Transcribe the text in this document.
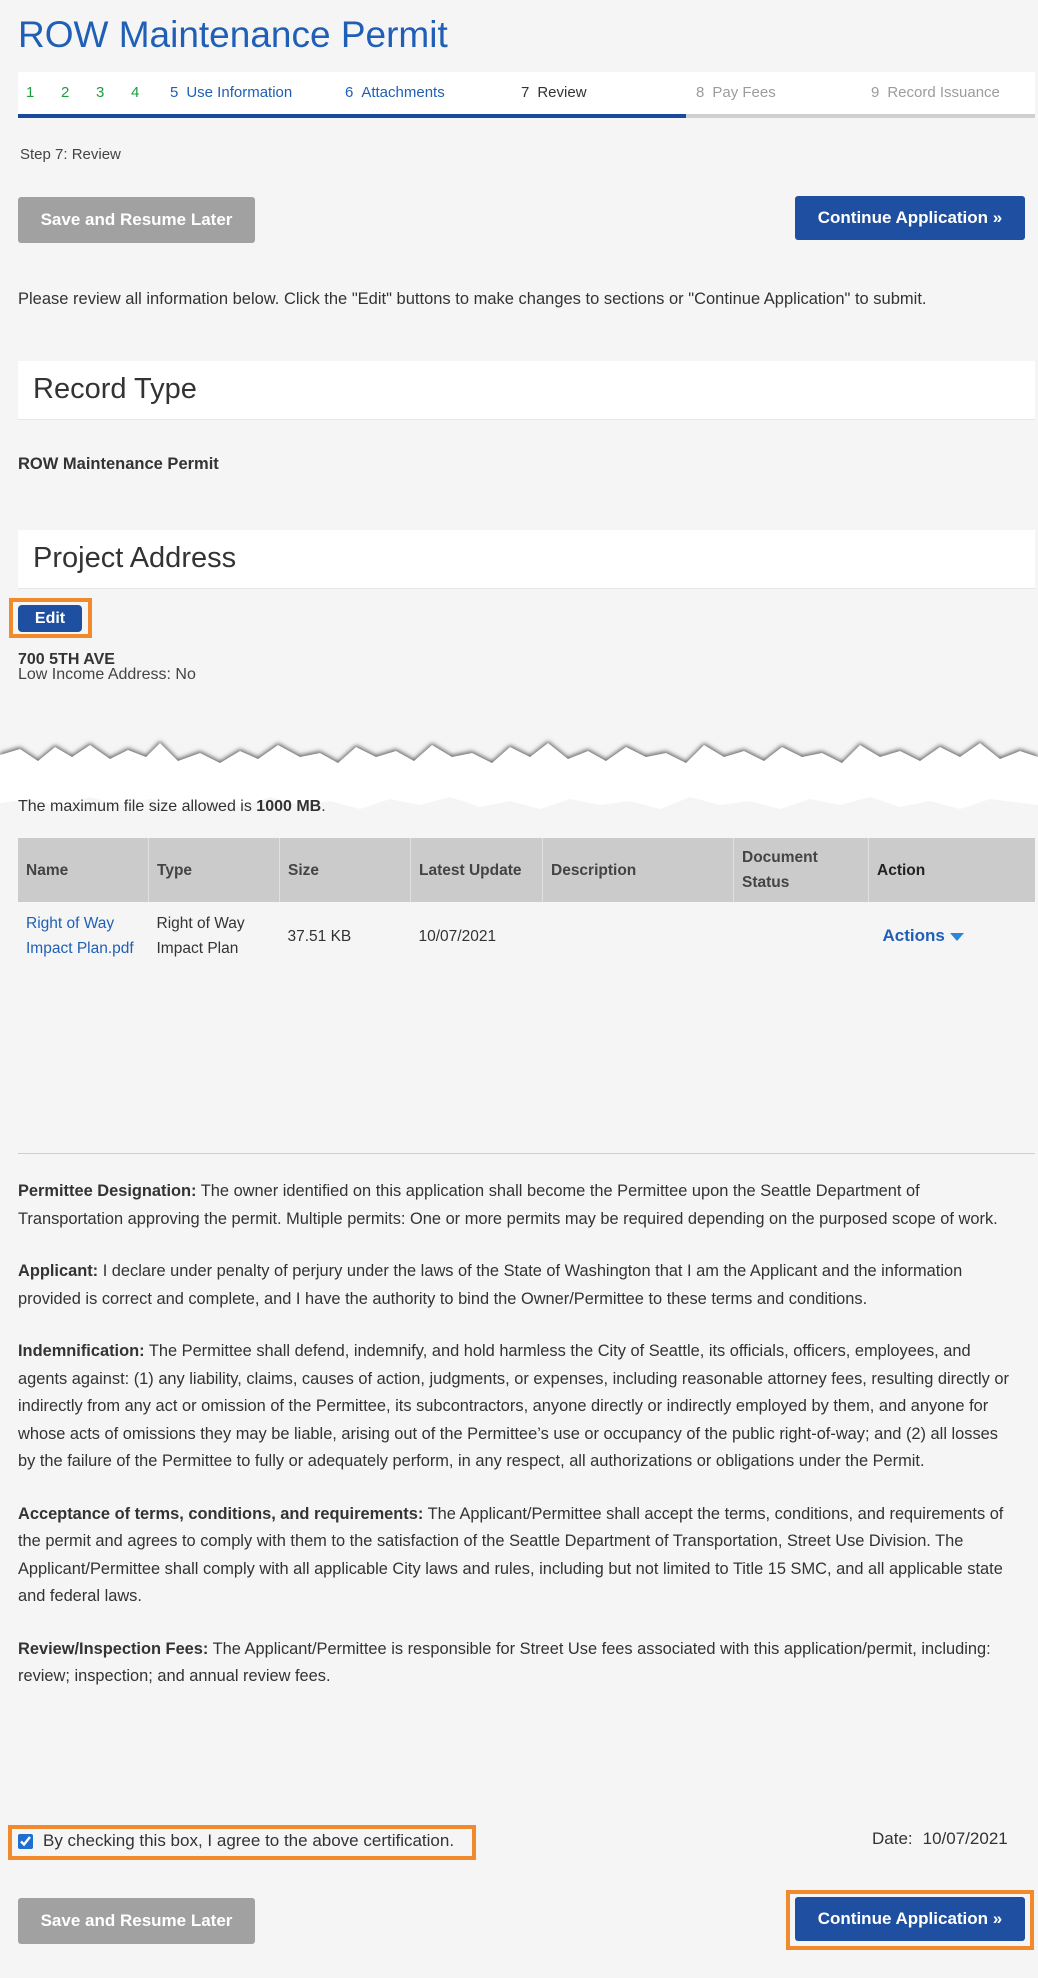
ROW Maintenance Permit
1	2	3	4	5 Use Information	6 Attachments	7 Review	8 Pay Fees	9 Record Issuance
Step 7: Review
Save and Resume Later	Continue Application »
Please review all information below. Click the "Edit" buttons to make changes to sections or "Continue Application" to submit.
Record Type
ROW Maintenance Permit
Project Address
Edit
700 5TH AVE
Low Income Address: No
The maximum file size allowed is 1000 MB.
Name	Type	Size	Latest Update	Description	Document Status	Action
Right of Way Impact Plan.pdf	Right of Way Impact Plan	37.51 KB	10/07/2021			Actions

Permittee Designation: The owner identified on this application shall become the Permittee upon the Seattle Department of Transportation approving the permit. Multiple permits: One or more permits may be required depending on the purposed scope of work.

Applicant: I declare under penalty of perjury under the laws of the State of Washington that I am the Applicant and the information provided is correct and complete, and I have the authority to bind the Owner/Permittee to these terms and conditions.

Indemnification: The Permittee shall defend, indemnify, and hold harmless the City of Seattle, its officials, officers, employees, and agents against: (1) any liability, claims, causes of action, judgments, or expenses, including reasonable attorney fees, resulting directly or indirectly from any act or omission of the Permittee, its subcontractors, anyone directly or indirectly employed by them, and anyone for whose acts of omissions they may be liable, arising out of the Permittee’s use or occupancy of the public right-of-way; and (2) all losses by the failure of the Permittee to fully or adequately perform, in any respect, all authorizations or obligations under the Permit.

Acceptance of terms, conditions, and requirements: The Applicant/Permittee shall accept the terms, conditions, and requirements of the permit and agrees to comply with them to the satisfaction of the Seattle Department of Transportation, Street Use Division. The Applicant/Permittee shall comply with all applicable City laws and rules, including but not limited to Title 15 SMC, and all applicable state and federal laws.

Review/Inspection Fees: The Applicant/Permittee is responsible for Street Use fees associated with this application/permit, including: review; inspection; and annual review fees.

By checking this box, I agree to the above certification.	Date: 10/07/2021
Save and Resume Later	Continue Application »
